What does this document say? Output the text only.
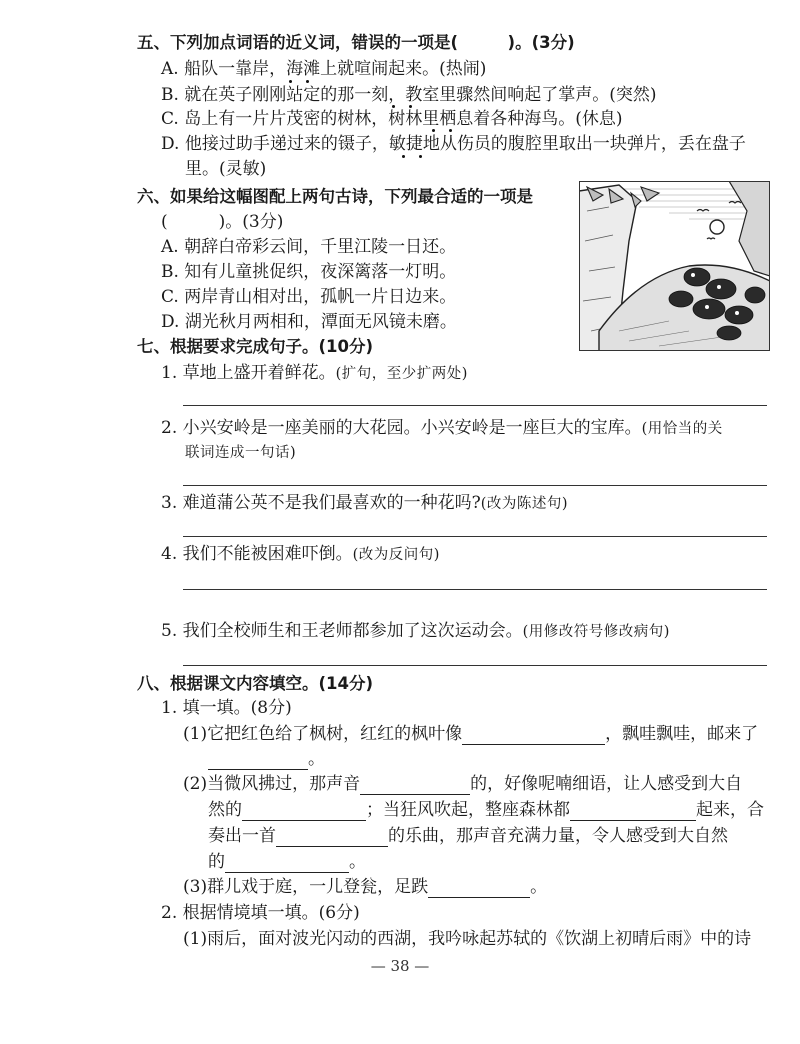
五、下列加点词语的近义词，错误的一项是(　　　)。(3分)
A. 船队一靠岸，海滩上就喧闹起来。(热闹)
B. 就在英子刚刚站定的那一刻，教室里骤然间响起了掌声。(突然)
C. 岛上有一片片茂密的树林，树林里栖息着各种海鸟。(休息)
D. 他接过助手递过来的镊子，敏捷地从伤员的腹腔里取出一块弹片，丢在盘子
里。(灵敏)
六、如果给这幅图配上两句古诗，下列最合适的一项是
(　　　)。(3分)
A. 朝辞白帝彩云间，千里江陵一日还。
B. 知有儿童挑促织，夜深篱落一灯明。
C. 两岸青山相对出，孤帆一片日边来。
D. 湖光秋月两相和，潭面无风镜未磨。
七、根据要求完成句子。(10分)
1. 草地上盛开着鲜花。(扩句，至少扩两处)
2. 小兴安岭是一座美丽的大花园。小兴安岭是一座巨大的宝库。(用恰当的关
联词连成一句话)
3. 难道蒲公英不是我们最喜欢的一种花吗?(改为陈述句)
4. 我们不能被困难吓倒。(改为反问句)
5. 我们全校师生和王老师都参加了这次运动会。(用修改符号修改病句)
八、根据课文内容填空。(14分)
1. 填一填。(8分)
(1)它把红色给了枫树，红红的枫叶像	，飘哇飘哇，邮来了
。
(2)当微风拂过，那声音	的，好像呢喃细语，让人感受到大自
然的	；当狂风吹起，整座森林都	起来，合
奏出一首	的乐曲，那声音充满力量，令人感受到大自然
的	。
(3)群儿戏于庭，一儿登瓮，足跌	。
2. 根据情境填一填。(6分)
(1)雨后，面对波光闪动的西湖，我吟咏起苏轼的《饮湖上初晴后雨》中的诗
— 38 —
